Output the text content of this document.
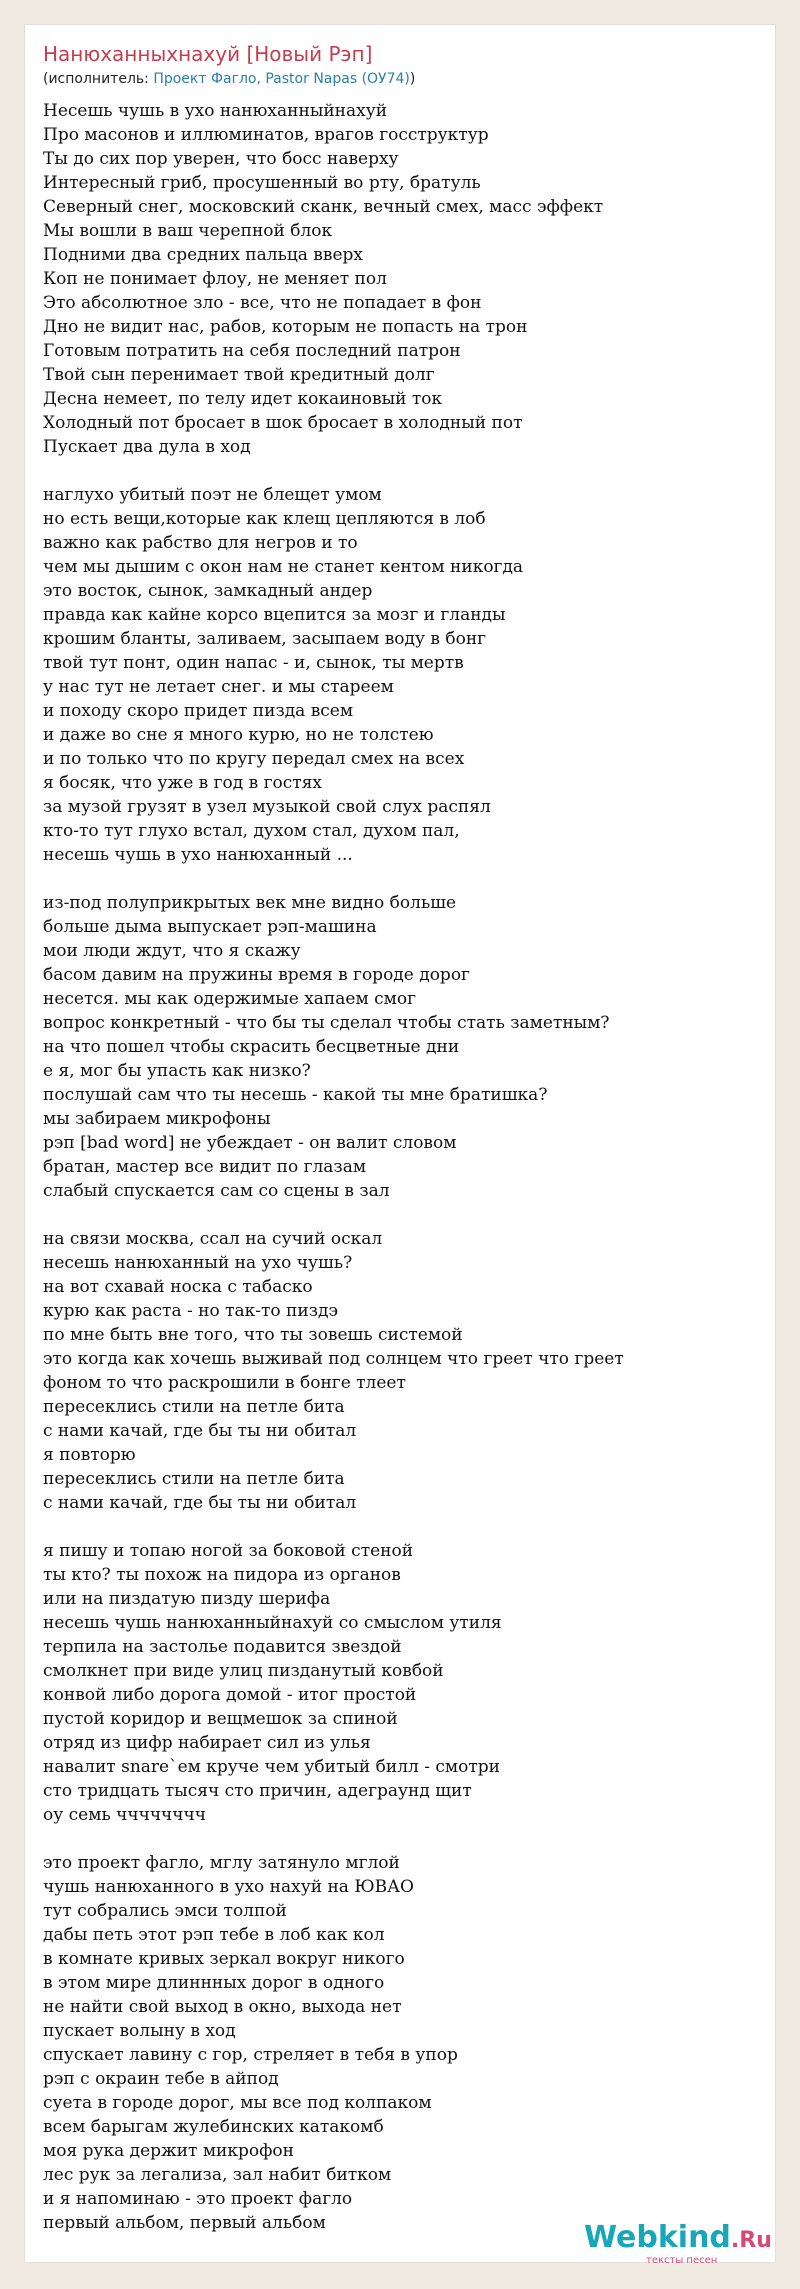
Нанюханныхнахуй [Новый Рэп]
(исполнитель: Проект Фагло, Pastor Napas (ОУ74))
Несешь чушь в ухо нанюханныйнахуй
Про масонов и иллюминатов, врагов госструктур
Ты до сих пор уверен, что босс наверху
Интересный гриб, просушенный во рту, братуль
Северный снег, московский сканк, вечный смех, масс эффект
Мы вошли в ваш черепной блок
Подними два средних пальца вверх
Коп не понимает флоу, не меняет пол
Это абсолютное зло - все, что не попадает в фон
Дно не видит нас, рабов, которым не попасть на трон
Готовым потратить на себя последний патрон
Твой сын перенимает твой кредитный долг
Десна немеет, по телу идет кокаиновый ток
Холодный пот бросает в шок бросает в холодный пот
Пускает два дула в ход
наглухо убитый поэт не блещет умом
но есть вещи,которые как клещ цепляются в лоб
важно как рабство для негров и то
чем мы дышим с окон нам не станет кентом никогда
это восток, сынок, замкадный андер
правда как кайне корсо вцепится за мозг и гланды
крошим бланты, заливаем, засыпаем воду в бонг
твой тут понт, один напас - и, сынок, ты мертв
у нас тут не летает снег. и мы стареем
и походу скоро придет пизда всем
и даже во сне я много курю, но не толстею
и по только что по кругу передал смех на всех
я босяк, что уже в год в гостях
за музой грузят в узел музыкой свой слух распял
кто-то тут глухо встал, духом стал, духом пал,
несешь чушь в ухо нанюханный ...
из-под полуприкрытых век мне видно больше
больше дыма выпускает рэп-машина
мои люди ждут, что я скажу
басом давим на пружины время в городе дорог
несется. мы как одержимые хапаем смог
вопрос конкретный - что бы ты сделал чтобы стать заметным?
на что пошел чтобы скрасить бесцветные дни
е я, мог бы упасть как низко?
послушай сам что ты несешь - какой ты мне братишка?
мы забираем микрофоны
рэп [bad word] не убеждает - он валит словом
братан, мастер все видит по глазам
слабый спускается сам со сцены в зал
на связи москва, ссал на сучий оскал
несешь нанюханный на ухо чушь?
на вот схавай носка с табаско
курю как раста - но так-то пиздэ
по мне быть вне того, что ты зовешь системой
это когда как хочешь выживай под солнцем что греет что греет
фоном то что раскрошили в бонге тлеет
пересеклись стили на петле бита
с нами качай, где бы ты ни обитал
я повторю
пересеклись стили на петле бита
с нами качай, где бы ты ни обитал
я пишу и топаю ногой за боковой стеной
ты кто? ты похож на пидора из органов
или на пиздатую пизду шерифа
несешь чушь нанюханныйнахуй со смыслом утиля
терпила на застолье подавится звездой
смолкнет при виде улиц пизданутый ковбой
конвой либо дорога домой - итог простой
пустой коридор и вещмешок за спиной
отряд из цифр набирает сил из улья
навалит snare`ем круче чем убитый билл - смотри
сто тридцать тысяч сто причин, адеграунд щит
оу семь чччччччч
это проект фагло, мглу затянуло мглой
чушь нанюханного в ухо нахуй на ЮВАО
тут собрались эмси толпой
дабы петь этот рэп тебе в лоб как кол
в комнате кривых зеркал вокруг никого
в этом мире длиннных дорог в одного
не найти свой выход в окно, выхода нет
пускает волыну в ход
спускает лавину с гор, стреляет в тебя в упор
рэп с окраин тебе в айпод
суета в городе дорог, мы все под колпаком
всем барыгам жулебинских катакомб
моя рука держит микрофон
лес рук за легализа, зал набит битком
и я напоминаю - это проект фагло
первый альбом, первый альбом	Webkind.Ru
тексты песен
